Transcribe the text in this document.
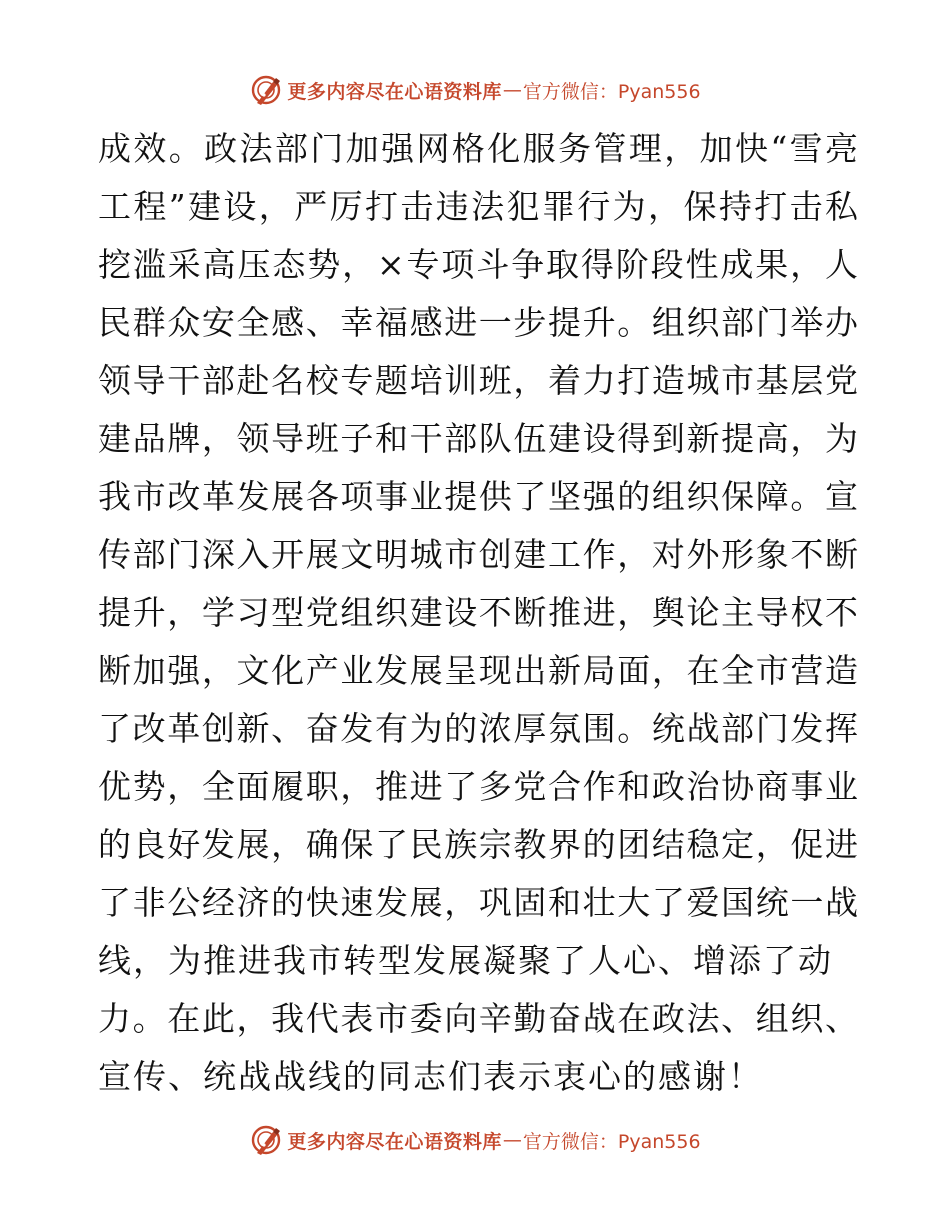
更多内容尽在心语资料库 — 官方微信：Pyan556
成效。政法部门加强网格化服务管理，加快“雪亮
工程”建设，严厉打击违法犯罪行为，保持打击私
挖滥采高压态势，×专项斗争取得阶段性成果，人
民群众安全感、幸福感进一步提升。组织部门举办
领导干部赴名校专题培训班，着力打造城市基层党
建品牌，领导班子和干部队伍建设得到新提高，为
我市改革发展各项事业提供了坚强的组织保障。宣
传部门深入开展文明城市创建工作，对外形象不断
提升，学习型党组织建设不断推进，舆论主导权不
断加强，文化产业发展呈现出新局面，在全市营造
了改革创新、奋发有为的浓厚氛围。统战部门发挥
优势，全面履职，推进了多党合作和政治协商事业
的良好发展，确保了民族宗教界的团结稳定，促进
了非公经济的快速发展，巩固和壮大了爱国统一战
线，为推进我市转型发展凝聚了人心、增添了动
力。在此，我代表市委向辛勤奋战在政法、组织、
宣传、统战战线的同志们表示衷心的感谢！
更多内容尽在心语资料库 — 官方微信：Pyan556
